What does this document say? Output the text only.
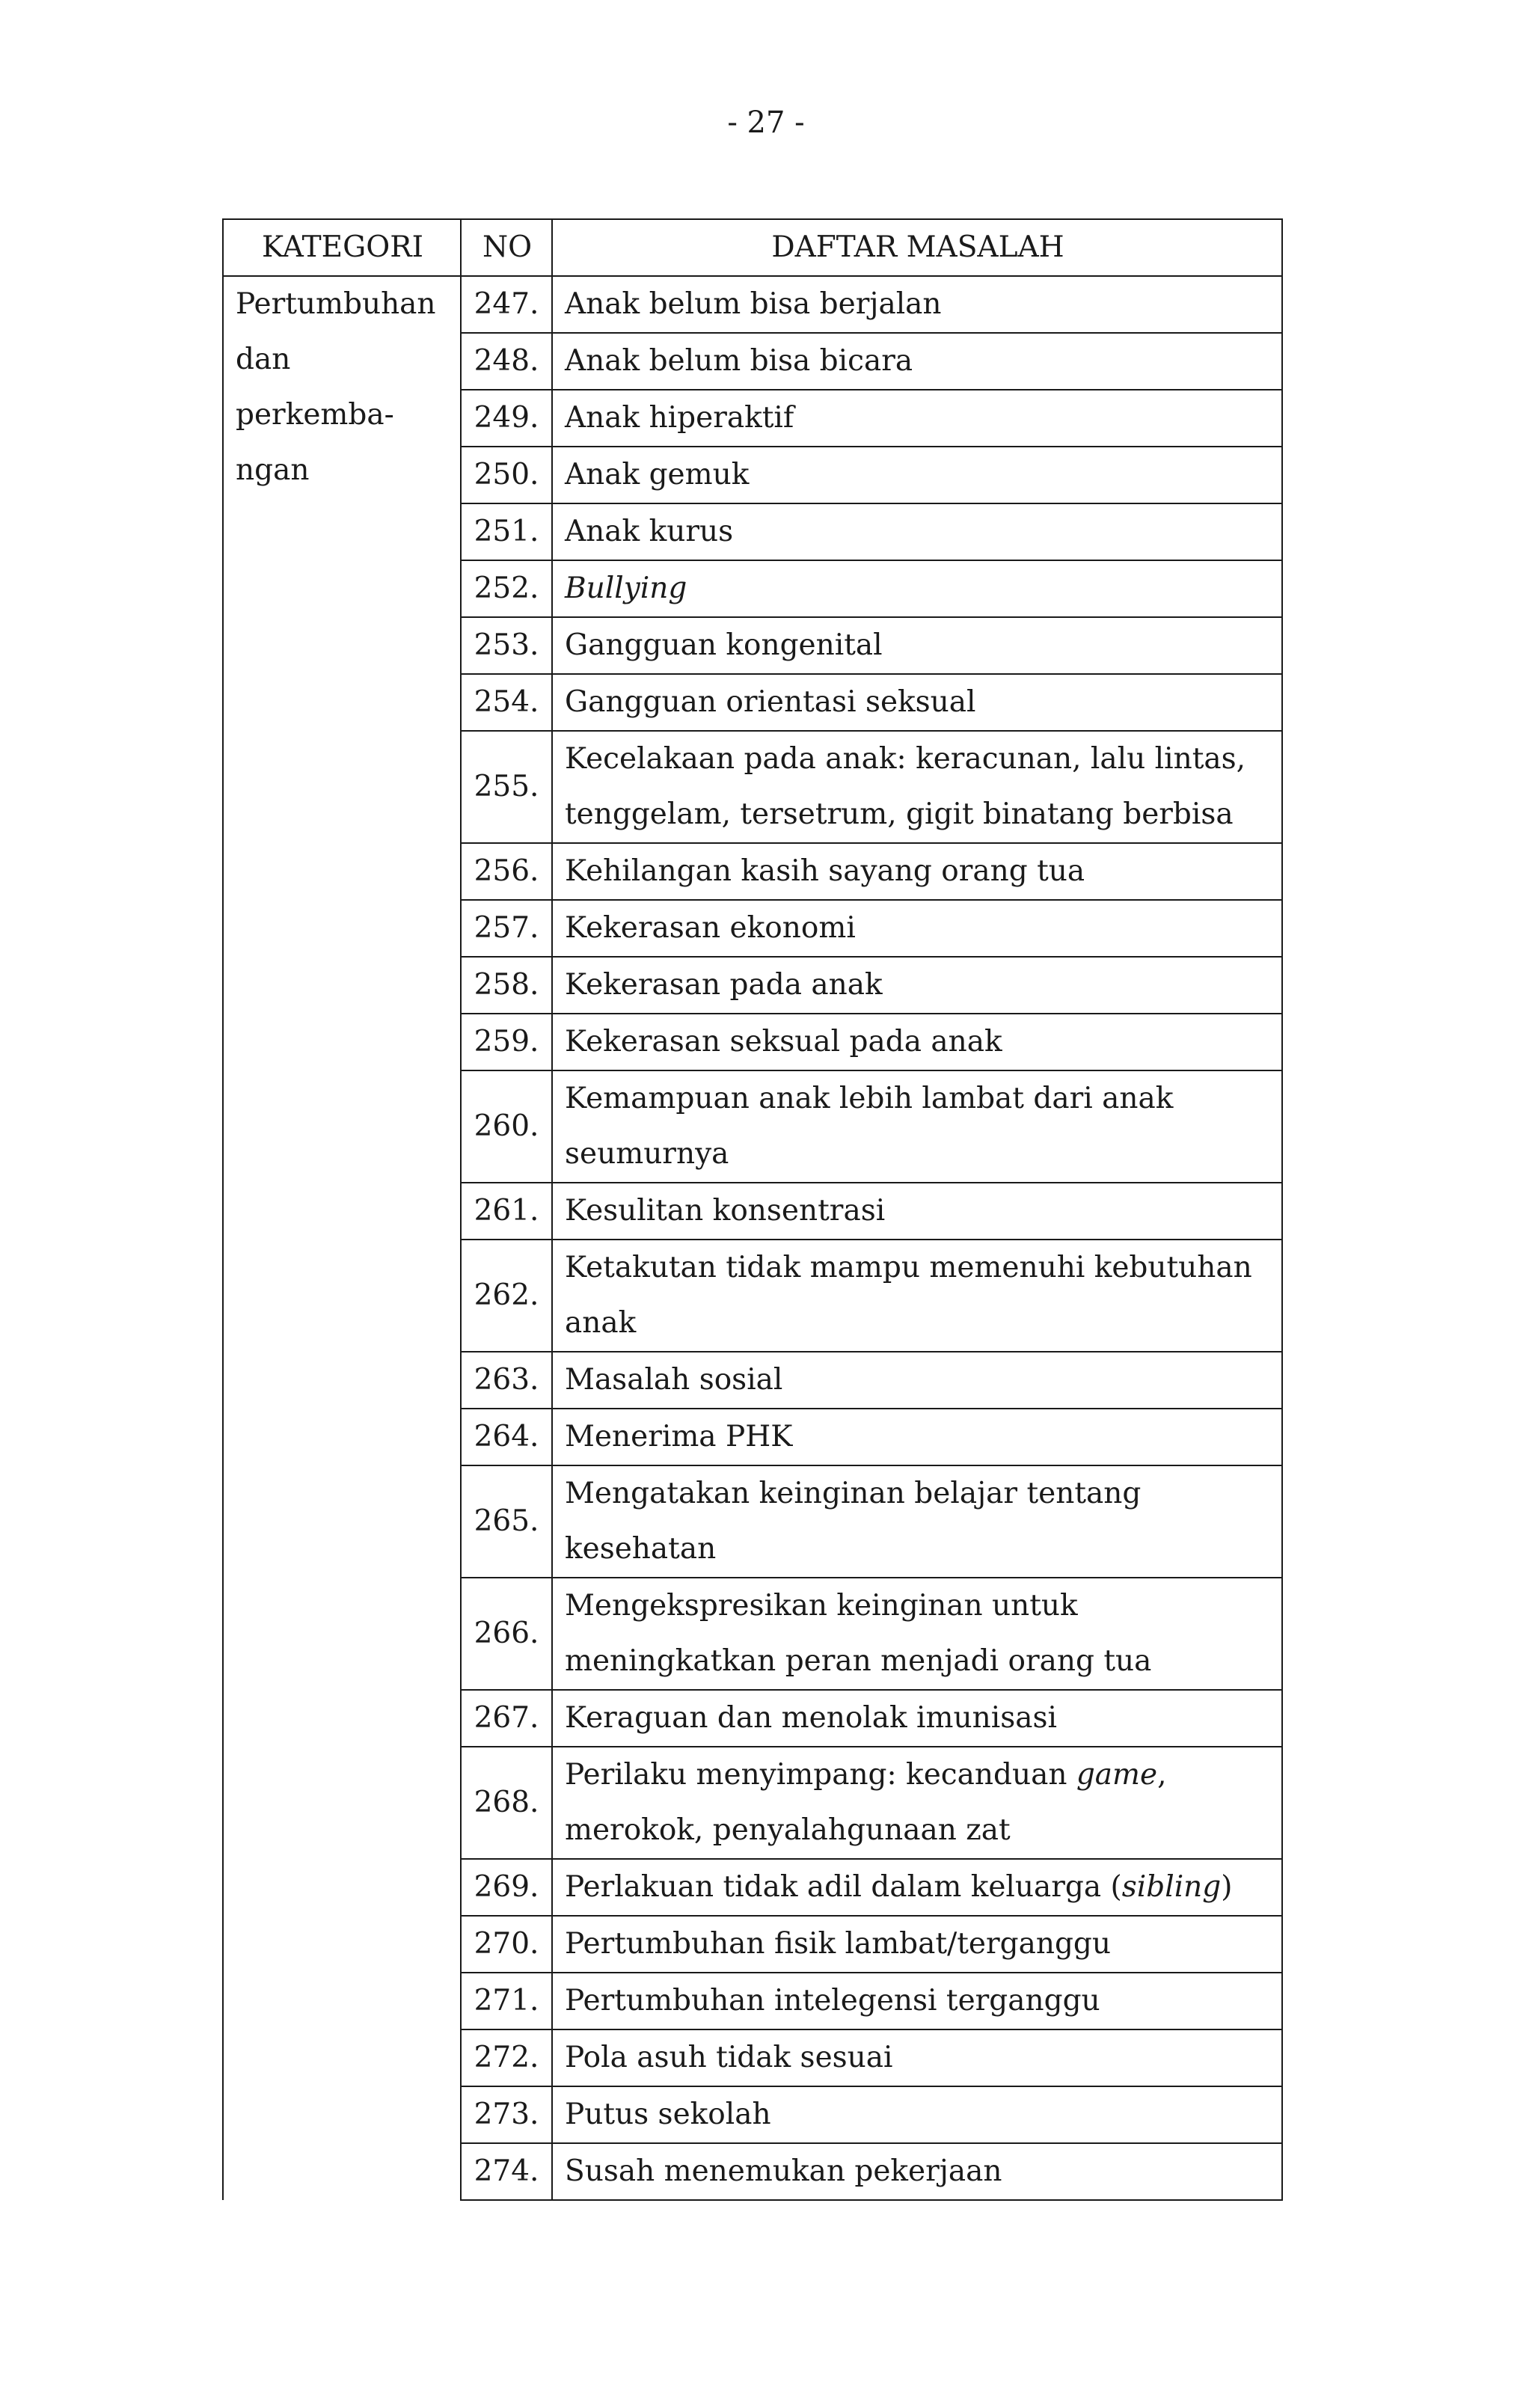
- 27 -
KATEGORI	NO	DAFTAR MASALAH

Pertumbuhan
dan
perkemba-
ngan	247.	Anak belum bisa berjalan
	248.	Anak belum bisa bicara
	249.	Anak hiperaktif
	250.	Anak gemuk
	251.	Anak kurus
	252.	Bullying
	253.	Gangguan kongenital
	254.	Gangguan orientasi seksual
	255.	Kecelakaan pada anak: keracunan, lalu lintas, tenggelam, tersetrum, gigit binatang berbisa
	256.	Kehilangan kasih sayang orang tua
	257.	Kekerasan ekonomi
	258.	Kekerasan pada anak
	259.	Kekerasan seksual pada anak
	260.	Kemampuan anak lebih lambat dari anak seumurnya
	261.	Kesulitan konsentrasi
	262.	Ketakutan tidak mampu memenuhi kebutuhan anak
	263.	Masalah sosial
	264.	Menerima PHK
	265.	Mengatakan keinginan belajar tentang kesehatan
	266.	Mengekspresikan keinginan untuk meningkatkan peran menjadi orang tua
	267.	Keraguan dan menolak imunisasi
	268.	Perilaku menyimpang: kecanduan game, merokok, penyalahgunaan zat
	269.	Perlakuan tidak adil dalam keluarga (sibling)
	270.	Pertumbuhan fisik lambat/terganggu
	271.	Pertumbuhan intelegensi terganggu
	272.	Pola asuh tidak sesuai
	273.	Putus sekolah
	274.	Susah menemukan pekerjaan
